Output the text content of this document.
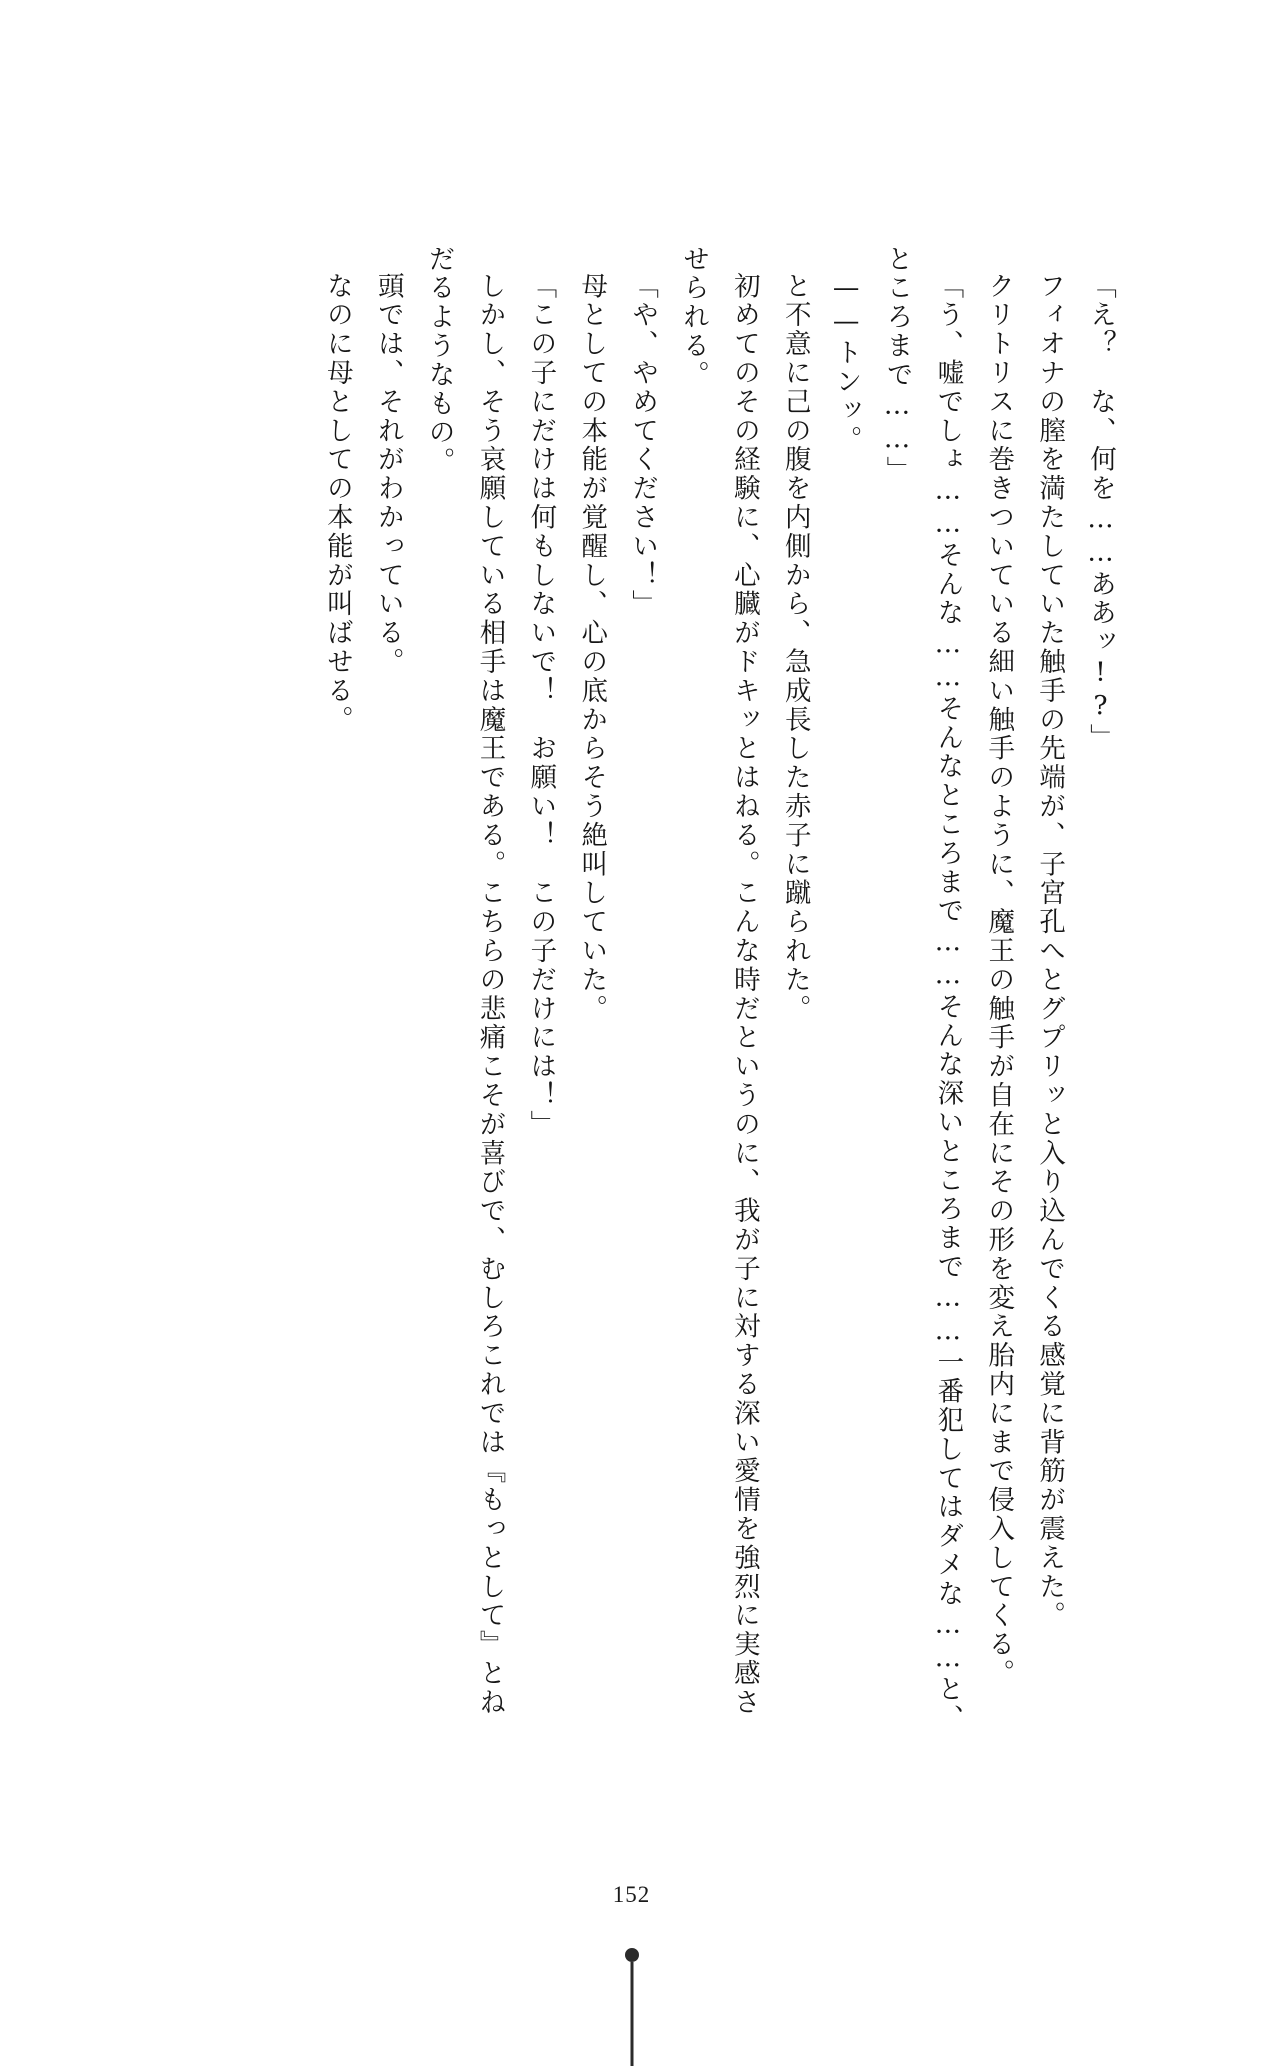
「え？　な、何を……ああッ!?」

フィオナの膣を満たしていた触手の先端が、子宮孔へとグプリッと入り込んでくる感覚に背筋が震えた。

クリトリスに巻きついている細い触手のように、魔王の触手が自在にその形を変え胎内にまで侵入してくる。

「う、嘘でしょ……そんな……そんなところまで……そんな深いところまで……一番犯してはダメな……と、ところまで……」

——トンッ。

と不意に己の腹を内側から、急成長した赤子に蹴られた。

初めてのその経験に、心臓がドキッとはねる。こんな時だというのに、我が子に対する深い愛情を強烈に実感させられる。

「や、やめてください！」

母としての本能が覚醒し、心の底からそう絶叫していた。

「この子にだけは何もしないで！　お願い！　この子だけには！」

しかし、そう哀願している相手は魔王である。こちらの悲痛こそが喜びで、むしろこれでは『もっとして』とねだるようなもの。

頭では、それがわかっている。

なのに母としての本能が叫ばせる。

152
